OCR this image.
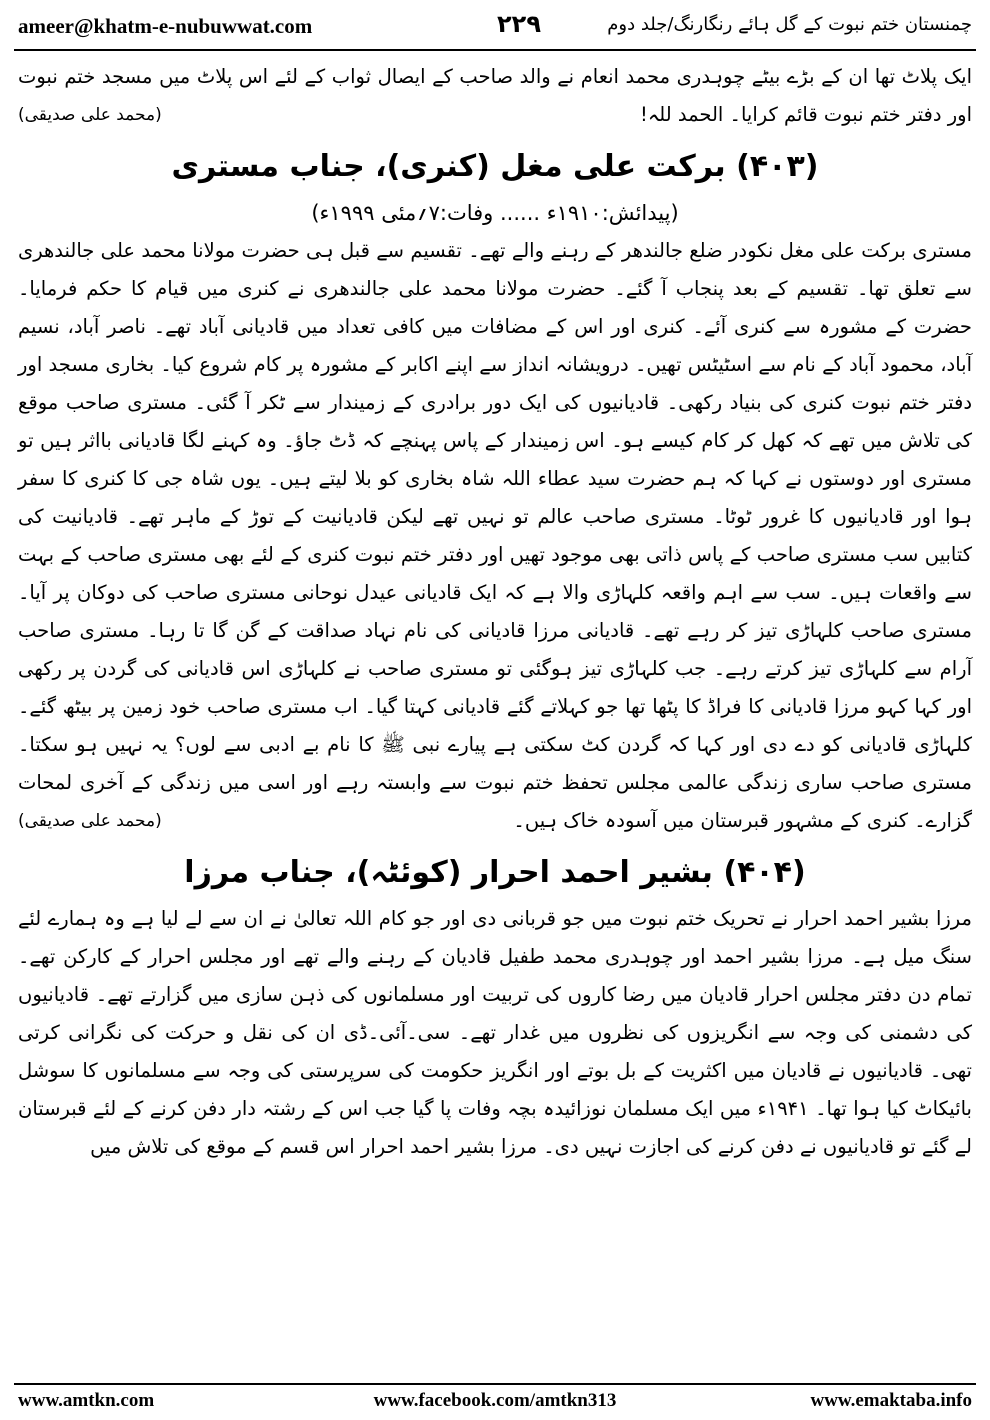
ameer@khatm-e-nubuwwat.com	۲۲۹	چمنستان ختم نبوت کے گل ہائے رنگارنگ/جلد دوم

ایک پلاٹ تھا ان کے بڑے بیٹے چوہدری محمد انعام نے والد صاحب کے ایصال ثواب کے لئے اس پلاٹ میں مسجد ختم نبوت اور دفتر ختم نبوت قائم کرایا۔ الحمد للہ!
(محمد علی صدیقی)

(۴۰۳) برکت علی مغل (کنری)، جناب مستری

(پیدائش:۱۹۱۰ء ...... وفات:۷؍مئی ۱۹۹۹ء)

مستری برکت علی مغل نکودر ضلع جالندھر کے رہنے والے تھے۔ تقسیم سے قبل ہی حضرت مولانا محمد علی جالندھری سے تعلق تھا۔ تقسیم کے بعد پنجاب آ گئے۔ حضرت مولانا محمد علی جالندھری نے کنری میں قیام کا حکم فرمایا۔ حضرت کے مشورہ سے کنری آئے۔ کنری اور اس کے مضافات میں کافی تعداد میں قادیانی آباد تھے۔ ناصر آباد، نسیم آباد، محمود آباد کے نام سے اسٹیٹس تھیں۔ درویشانہ انداز سے اپنے اکابر کے مشورہ پر کام شروع کیا۔ بخاری مسجد اور دفتر ختم نبوت کنری کی بنیاد رکھی۔ قادیانیوں کی ایک دور برادری کے زمیندار سے ٹکر آ گئی۔ مستری صاحب موقع کی تلاش میں تھے کہ کھل کر کام کیسے ہو۔ اس زمیندار کے پاس پہنچے کہ ڈٹ جاؤ۔ وہ کہنے لگا قادیانی بااثر ہیں تو مستری اور دوستوں نے کہا کہ ہم حضرت سید عطاء اللہ شاہ بخاری کو بلا لیتے ہیں۔ یوں شاہ جی کا کنری کا سفر ہوا اور قادیانیوں کا غرور ٹوٹا۔ مستری صاحب عالم تو نہیں تھے لیکن قادیانیت کے توڑ کے ماہر تھے۔ قادیانیت کی کتابیں سب مستری صاحب کے پاس ذاتی بھی موجود تھیں اور دفتر ختم نبوت کنری کے لئے بھی مستری صاحب کے بہت سے واقعات ہیں۔ سب سے اہم واقعہ کلہاڑی والا ہے کہ ایک قادیانی عیدل نوحانی مستری صاحب کی دوکان پر آیا۔ مستری صاحب کلہاڑی تیز کر رہے تھے۔ قادیانی مرزا قادیانی کی نام نہاد صداقت کے گن گا تا رہا۔ مستری صاحب آرام سے کلہاڑی تیز کرتے رہے۔ جب کلہاڑی تیز ہوگئی تو مستری صاحب نے کلہاڑی اس قادیانی کی گردن پر رکھی اور کہا کہو مرزا قادیانی کا فراڈ کا پٹھا تھا جو کہلاتے گئے قادیانی کہتا گیا۔ اب مستری صاحب خود زمین پر بیٹھ گئے۔ کلہاڑی قادیانی کو دے دی اور کہا کہ گردن کٹ سکتی ہے پیارے نبی ﷺ کا نام بے ادبی سے لوں؟ یہ نہیں ہو سکتا۔ مستری صاحب ساری زندگی عالمی مجلس تحفظ ختم نبوت سے وابستہ رہے اور اسی میں زندگی کے آخری لمحات گزارے۔ کنری کے مشہور قبرستان میں آسودہ خاک ہیں۔
(محمد علی صدیقی)

(۴۰۴) بشیر احمد احرار (کوئٹہ)، جناب مرزا

مرزا بشیر احمد احرار نے تحریک ختم نبوت میں جو قربانی دی اور جو کام اللہ تعالیٰ نے ان سے لے لیا ہے وہ ہمارے لئے سنگ میل ہے۔ مرزا بشیر احمد اور چوہدری محمد طفیل قادیان کے رہنے والے تھے اور مجلس احرار کے کارکن تھے۔ تمام دن دفتر مجلس احرار قادیان میں رضا کاروں کی تربیت اور مسلمانوں کی ذہن سازی میں گزارتے تھے۔ قادیانیوں کی دشمنی کی وجہ سے انگریزوں کی نظروں میں غدار تھے۔ سی۔آئی۔ڈی ان کی نقل و حرکت کی نگرانی کرتی تھی۔ قادیانیوں نے قادیان میں اکثریت کے بل بوتے اور انگریز حکومت کی سرپرستی کی وجہ سے مسلمانوں کا سوشل بائیکاٹ کیا ہوا تھا۔ ۱۹۴۱ء میں ایک مسلمان نوزائیدہ بچہ وفات پا گیا جب اس کے رشتہ دار دفن کرنے کے لئے قبرستان لے گئے تو قادیانیوں نے دفن کرنے کی اجازت نہیں دی۔ مرزا بشیر احمد احرار اس قسم کے موقع کی تلاش میں

www.amtkn.com	www.facebook.com/amtkn313	www.emaktaba.info
